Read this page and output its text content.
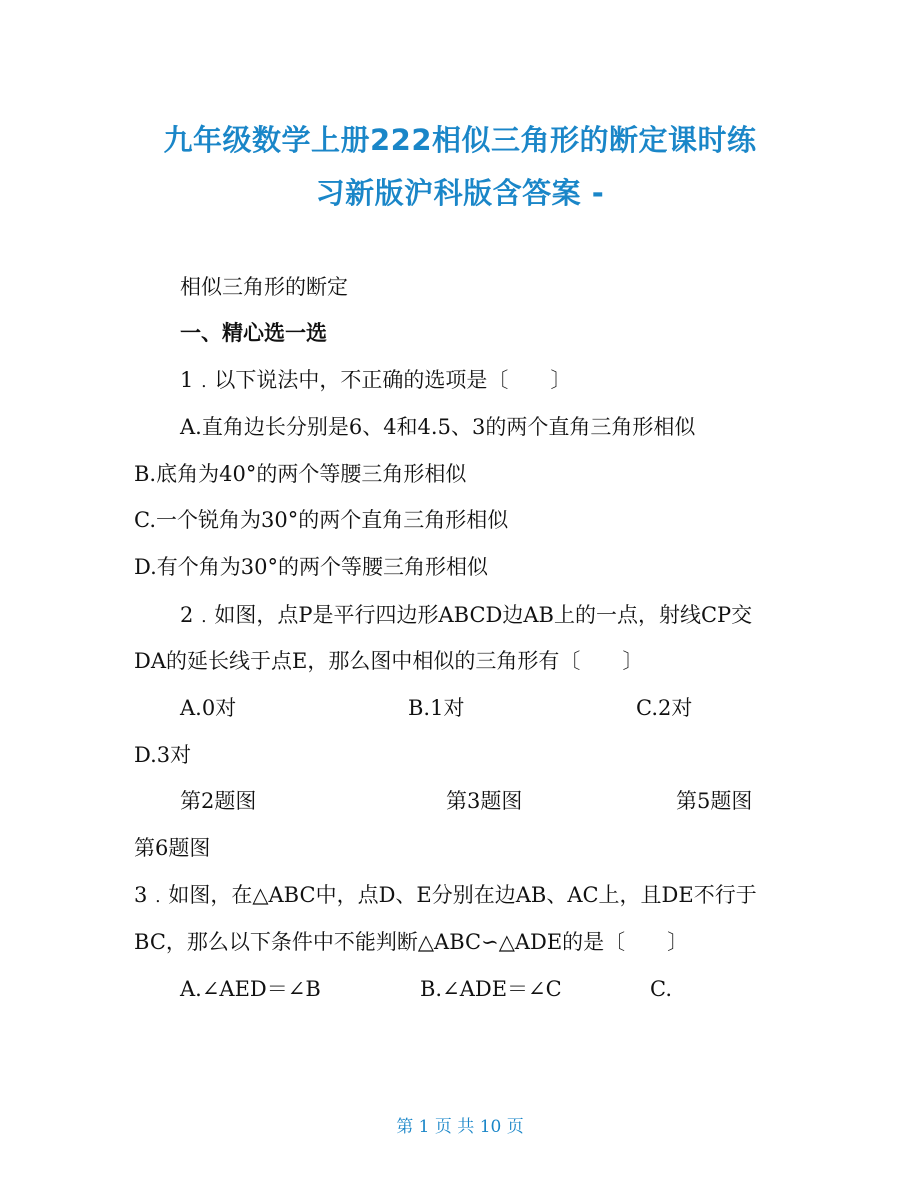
九年级数学上册222相似三角形的断定课时练
习新版沪科版含答案 -
相似三角形的断定
一、精心选一选
1﹒以下说法中，不正确的选项是〔　　〕
A.直角边长分别是6、4和4.5、3的两个直角三角形相似
B.底角为40°的两个等腰三角形相似
C.一个锐角为30°的两个直角三角形相似
D.有个角为30°的两个等腰三角形相似
2﹒如图，点P是平行四边形ABCD边AB上的一点，射线CP交
DA的延长线于点E，那么图中相似的三角形有〔　　〕
A.0对	B.1对	C.2对
D.3对
第2题图	第3题图	第5题图
第6题图
3﹒如图，在△ABC中，点D、E分别在边AB、AC上，且DE不行于
BC，那么以下条件中不能判断△ABC∽△ADE的是〔　　〕
A.∠AED＝∠B	B.∠ADE＝∠C	C.
第 1 页 共 10 页
